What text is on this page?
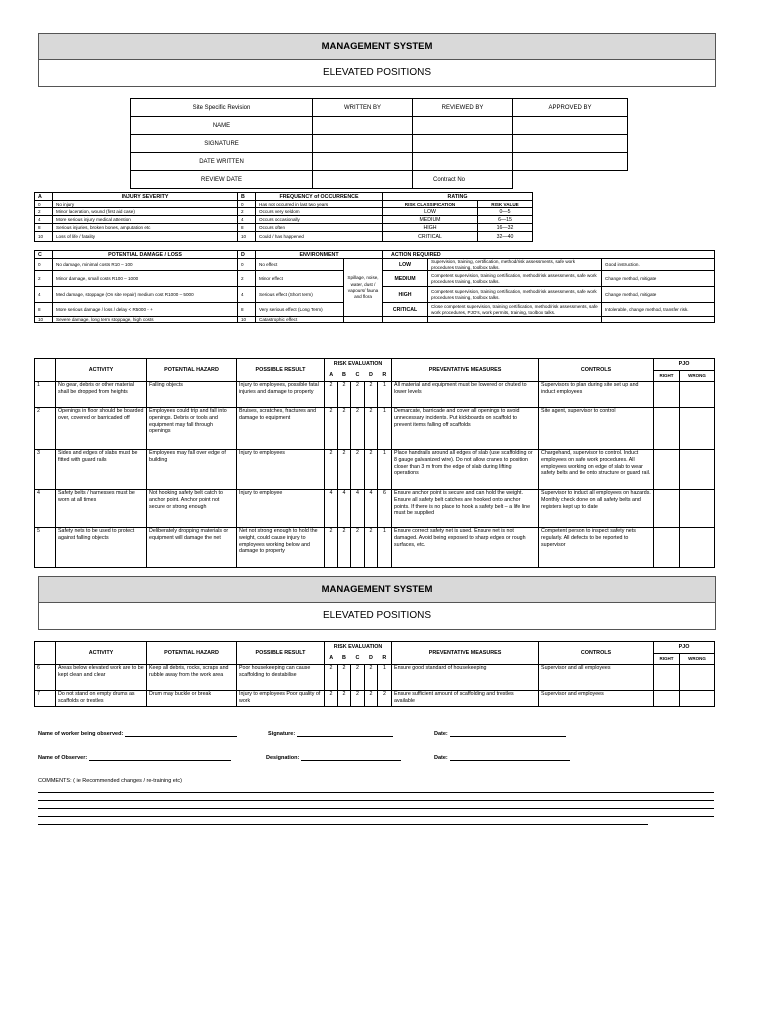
MANAGEMENT SYSTEM
ELEVATED POSITIONS
Site Specific Revision	WRITTEN BY	REVIEWED BY	APPROVED BY
NAME			
SIGNATURE			
DATE WRITTEN			
REVIEW DATE		Contract No	
A	INJURY SEVERITY	B	FREQUENCY of OCCURRENCE	RATING	
0	No injury	0	Has not occurred in last two years	RISK CLASSIFICATION	RISK VALUE
2	Minor laceration, wound (first aid case)	2	Occurs very seldom	LOW	0—5
4	More serious injury medical attention	4	Occurs occasionally	MEDIUM	6—15
8	Serious injuries, broken bones, amputation etc	8	Occurs often	HIGH	16—32
10	Loss of life / fatality	10	Could / has happened	CRITICAL	32—40
C	POTENTIAL DAMAGE / LOSS	D	ENVIRONMENT		ACTION REQUIRED		
0	No damage, minimal costs R10 – 100	0	No effect	Spillage, noise, water, dust / vapours/ fauna and flora	LOW	Supervision, training, certification, method/risk assessments, safe work procedures training, toolbox talks.	Good instruction.
2	Minor damage, small costs R100 – 1000	2	Minor effect		MEDIUM	Competent supervision, training certification, method/risk assessments, safe work procedures training, toolbox talks.	Change method, mitigate
4	Med damage, stoppage (On site repair) medium cost R1000 – 5000	4	Serious effect (Short term)		HIGH	Competent supervision, training certification, method/risk assessments, safe work procedures training, toolbox talks.	Change method, mitigate
8	More serious damage / loss / delay < R5000 - +	8	Very serious effect (Long Term)		CRITICAL	Close competent supervision, training certification, method/risk assessments, safe work procedures, PJO's, work permits, training, toolbox talks.	Intolerable, change method, transfer risk.
10	Severe damage, long term stoppage, high costs	10	Catastrophic effect				
	ACTIVITY	POTENTIAL HAZARD	POSSIBLE RESULT	RISK EVALUATION					PREVENTATIVE MEASURES	CONTROLS	PJO	
				A	B	C	D	R			RIGHT	WRONG
1	No gear, debris or other material shall be dropped from heights	Falling objects	Injury to employees, possible fatal injuries and damage to property	2	2	2	2	1	All material and equipment must be lowered or chuted to lower levels	Supervisors to plan during site set up and induct employees		
2	Openings in floor should be boarded over, covered or barricaded off	Employees could trip and fall into openings. Debris or tools and equipment may fall through openings	Bruises, scratches, fractures and damage to equipment	2	2	2	2	1	Demarcate, barricade and cover all openings to avoid unnecessary incidents. Put kickboards on scaffold to prevent items falling off scaffolds	Site agent, supervisor to control		
3	Sides and edges of slabs must be fitted with guard rails	Employees may fall over edge of building	Injury to employees	2	2	2	2	1	Place handrails around all edges of slab (use scaffolding or 8 gauge galvanized wire). Do not allow cranes to position closer than 3 m from the edge of slab during lifting operations	Chargehand, supervisor to control. Induct employees on safe work procedures. All employees working on edge of slab to wear safety belts and tie onto structure or guard rail.		
4	Safety belts / harnesses must be worn at all times	Not hooking safety belt catch to anchor point. Anchor point not secure or strong enough	Injury to employee	4	4	4	4	6	Ensure anchor point is secure and can hold the weight. Ensure all safety belt catches are hooked onto anchor points. If there is no place to hook a safety belt – a life line must be supplied	Supervisor to induct all employees on hazards. Monthly check done on all safety belts and registers kept up to date		
5	Safety nets to be used to protect against falling objects	Deliberately dropping materials or equipment will damage the net	Net not strong enough to hold the weight, could cause injury to employees working below and damage to property	2	2	2	2	1	Ensure correct safety net is used. Ensure net is not damaged. Avoid being exposed to sharp edges or rough surfaces, etc.	Competent person to inspect safety nets regularly. All defects to be reported to supervisor		
MANAGEMENT SYSTEM
ELEVATED POSITIONS
	ACTIVITY	POTENTIAL HAZARD	POSSIBLE RESULT	RISK EVALUATION					PREVENTATIVE MEASURES	CONTROLS	PJO	
				A	B	C	D	R			RIGHT	WRONG
6	Areas below elevated work are to be kept clean and clear	Keep all debris, rocks, scraps and rubble away from the work area	Poor housekeeping can cause scaffolding to destabilise	2	2	2	2	1	Ensure good standard of housekeeping	Supervisor and all employees		
7	Do not stand on empty drums as scaffolds or trestles	Drum may buckle or break	Injury to employees Poor quality of work	2	2	2	2	2	Ensure sufficient amount of scaffolding and trestles available	Supervisor and employees		
Name of worker being observed:	Signature:	Date:
Name of Observer:	Designation:	Date:
COMMENTS: ( ie Recommended changes / re-training etc)
